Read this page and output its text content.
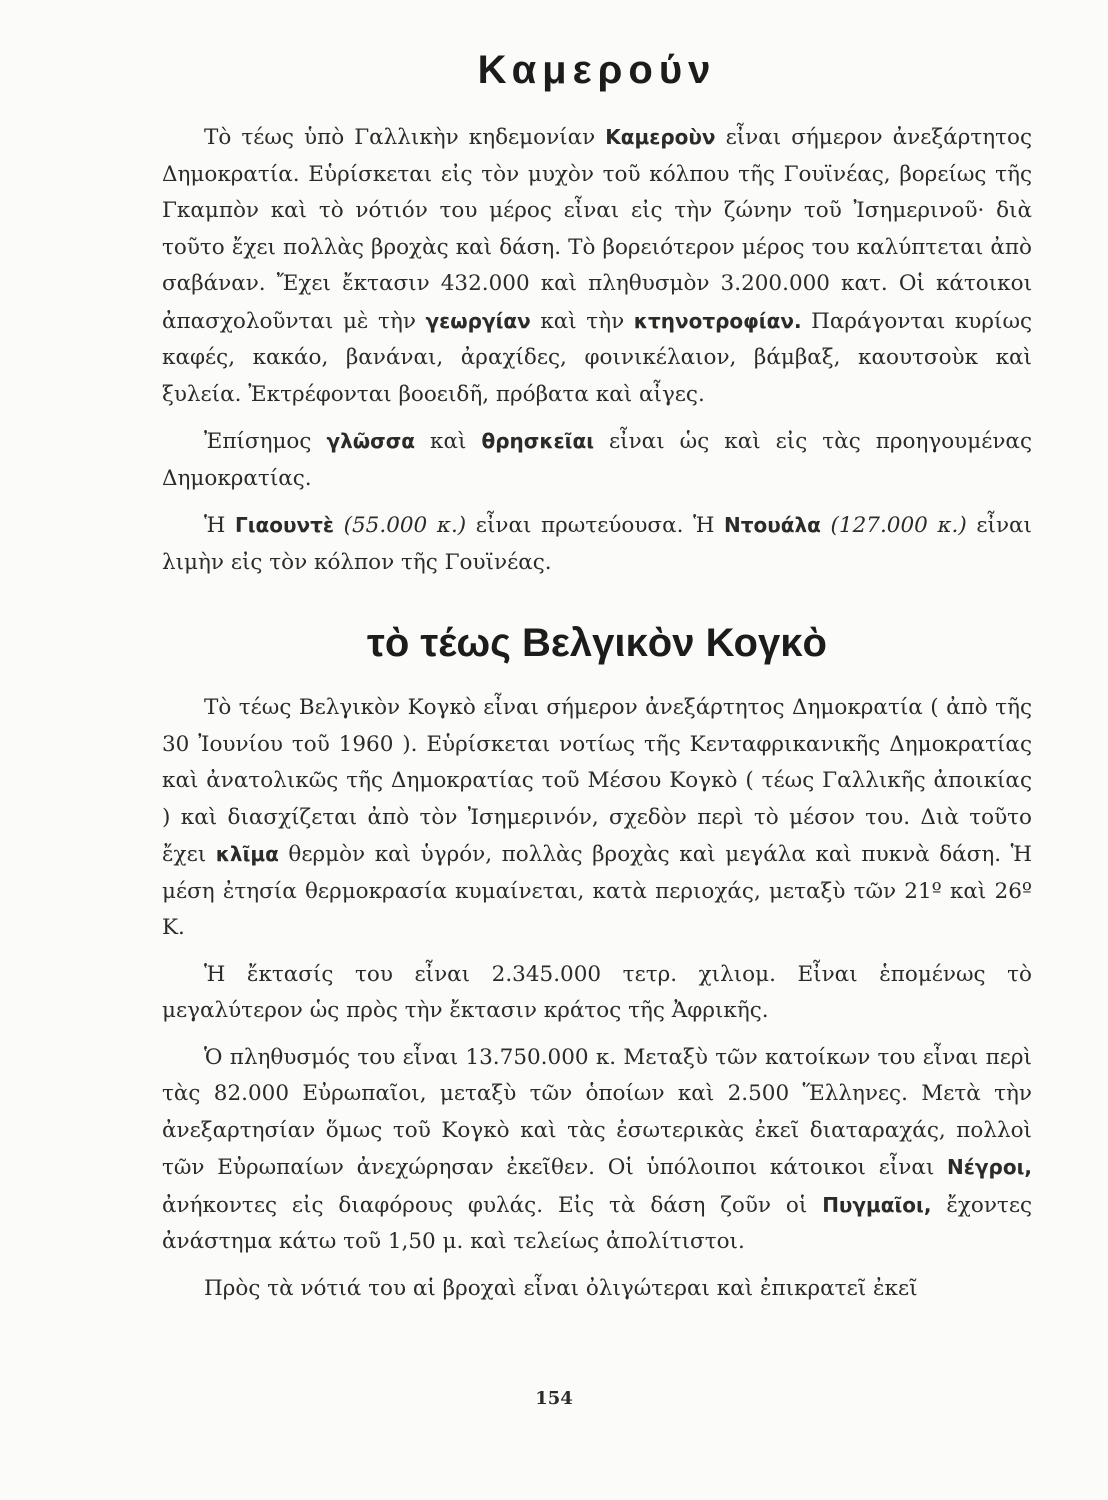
Καμερούν

Τὸ τέως ὑπὸ Γαλλικὴν κηδεμονίαν Καμεροὺν εἶναι σήμερον ἀνεξάρτητος Δημοκρατία. Εὑρίσκεται εἰς τὸν μυχὸν τοῦ κόλπου τῆς Γουϊνέας, βορείως τῆς Γκαμπὸν καὶ τὸ νότιόν του μέρος εἶναι εἰς τὴν ζώνην τοῦ Ἰσημερινοῦ· διὰ τοῦτο ἔχει πολλὰς βροχὰς καὶ δάση. Τὸ βορειότερον μέρος του καλύπτεται ἀπὸ σαβάναν. Ἔχει ἔκτασιν 432.000 καὶ πληθυσμὸν 3.200.000 κατ. Οἱ κάτοικοι ἀπασχολοῦνται μὲ τὴν γεωργίαν καὶ τὴν κτηνοτροφίαν. Παράγονται κυρίως καφές, κακάο, βανάναι, ἀραχίδες, φοινικέλαιον, βάμβαξ, καουτσοὺκ καὶ ξυλεία. Ἐκτρέφονται βοοειδῆ, πρόβατα καὶ αἶγες.

Ἐπίσημος γλῶσσα καὶ θρησκεῖαι εἶναι ὡς καὶ εἰς τὰς προηγουμένας Δημοκρατίας.

Ἡ Γιαουντὲ (55.000 κ.) εἶναι πρωτεύουσα. Ἡ Ντουάλα (127.000 κ.) εἶναι λιμὴν εἰς τὸν κόλπον τῆς Γουϊνέας.

τὸ τέως Βελγικὸν Κογκὸ

Τὸ τέως Βελγικὸν Κογκὸ εἶναι σήμερον ἀνεξάρτητος Δημοκρατία ( ἀπὸ τῆς 30 Ἰουνίου τοῦ 1960 ). Εὑρίσκεται νοτίως τῆς Κενταφρικανικῆς Δημοκρατίας καὶ ἀνατολικῶς τῆς Δημοκρατίας τοῦ Μέσου Κογκὸ ( τέως Γαλλικῆς ἀποικίας ) καὶ διασχίζεται ἀπὸ τὸν Ἰσημερινόν, σχεδὸν περὶ τὸ μέσον του. Διὰ τοῦτο ἔχει κλῖμα θερμὸν καὶ ὑγρόν, πολλὰς βροχὰς καὶ μεγάλα καὶ πυκνὰ δάση. Ἡ μέση ἐτησία θερμοκρασία κυμαίνεται, κατὰ περιοχάς, μεταξὺ τῶν 21º καὶ 26º Κ.

Ἡ ἔκτασίς του εἶναι 2.345.000 τετρ. χιλιομ. Εἶναι ἑπομένως τὸ μεγαλύτερον ὡς πρὸς τὴν ἔκτασιν κράτος τῆς Ἀφρικῆς.

Ὁ πληθυσμός του εἶναι 13.750.000 κ. Μεταξὺ τῶν κατοίκων του εἶναι περὶ τὰς 82.000 Εὐρωπαῖοι, μεταξὺ τῶν ὁποίων καὶ 2.500 Ἕλληνες. Μετὰ τὴν ἀνεξαρτησίαν ὅμως τοῦ Κογκὸ καὶ τὰς ἐσωτερικὰς ἐκεῖ διαταραχάς, πολλοὶ τῶν Εὐρωπαίων ἀνεχώρησαν ἐκεῖθεν. Οἱ ὑπόλοιποι κάτοικοι εἶναι Νέγροι, ἀνήκοντες εἰς διαφόρους φυλάς. Εἰς τὰ δάση ζοῦν οἱ Πυγμαῖοι, ἔχοντες ἀνάστημα κάτω τοῦ 1,50 μ. καὶ τελείως ἀπολίτιστοι.

Πρὸς τὰ νότιά του αἱ βροχαὶ εἶναι ὀλιγώτεραι καὶ ἐπικρατεῖ ἐκεῖ

154
